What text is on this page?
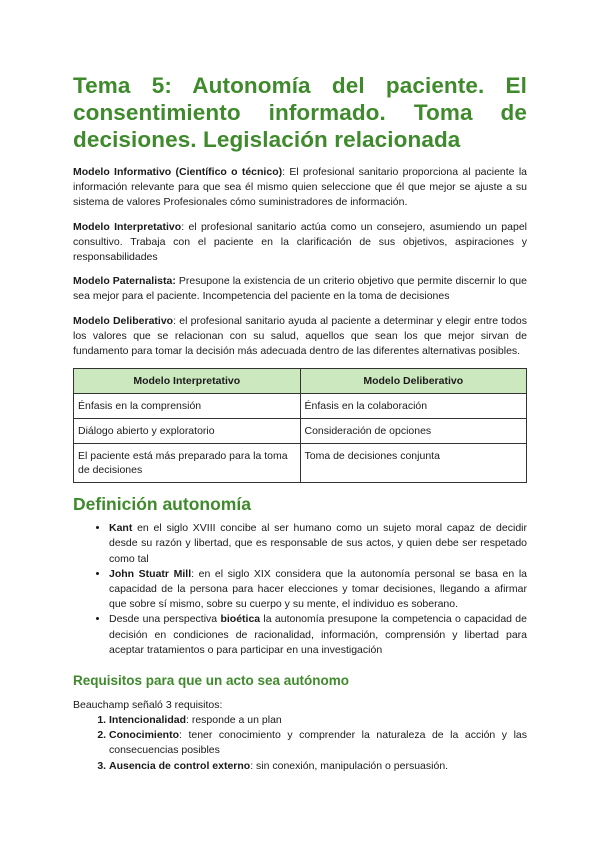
Tema 5: Autonomía del paciente. El consentimiento informado. Toma de decisiones. Legislación relacionada

Modelo Informativo (Científico o técnico): El profesional sanitario proporciona al paciente la información relevante para que sea él mismo quien seleccione que él que mejor se ajuste a su sistema de valores Profesionales cómo suministradores de información.

Modelo Interpretativo: el profesional sanitario actúa como un consejero, asumiendo un papel consultivo. Trabaja con el paciente en la clarificación de sus objetivos, aspiraciones y responsabilidades

Modelo Paternalista: Presupone la existencia de un criterio objetivo que permite discernir lo que sea mejor para el paciente. Incompetencia del paciente en la toma de decisiones

Modelo Deliberativo: el profesional sanitario ayuda al paciente a determinar y elegir entre todos los valores que se relacionan con su salud, aquellos que sean los que mejor sirvan de fundamento para tomar la decisión más adecuada dentro de las diferentes alternativas posibles.

Modelo Interpretativo	Modelo Deliberativo
Énfasis en la comprensión	Énfasis en la colaboración
Diálogo abierto y exploratorio	Consideración de opciones
El paciente está más preparado para la toma de decisiones	Toma de decisiones conjunta
Definición autonomía
• Kant en el siglo XVIII concibe al ser humano como un sujeto moral capaz de decidir desde su razón y libertad, que es responsable de sus actos, y quien debe ser respetado como tal
• John Stuatr Mill: en el siglo XIX considera que la autonomía personal se basa en la capacidad de la persona para hacer elecciones y tomar decisiones, llegando a afirmar que sobre sí mismo, sobre su cuerpo y su mente, el individuo es soberano.
• Desde una perspectiva bioética la autonomía presupone la competencia o capacidad de decisión en condiciones de racionalidad, información, comprensión y libertad para aceptar tratamientos o para participar en una investigación
Requisitos para que un acto sea autónomo

Beauchamp señaló 3 requisitos:

1. Intencionalidad: responde a un plan
2. Conocimiento: tener conocimiento y comprender la naturaleza de la acción y las consecuencias posibles
3. Ausencia de control externo: sin conexión, manipulación o persuasión.
